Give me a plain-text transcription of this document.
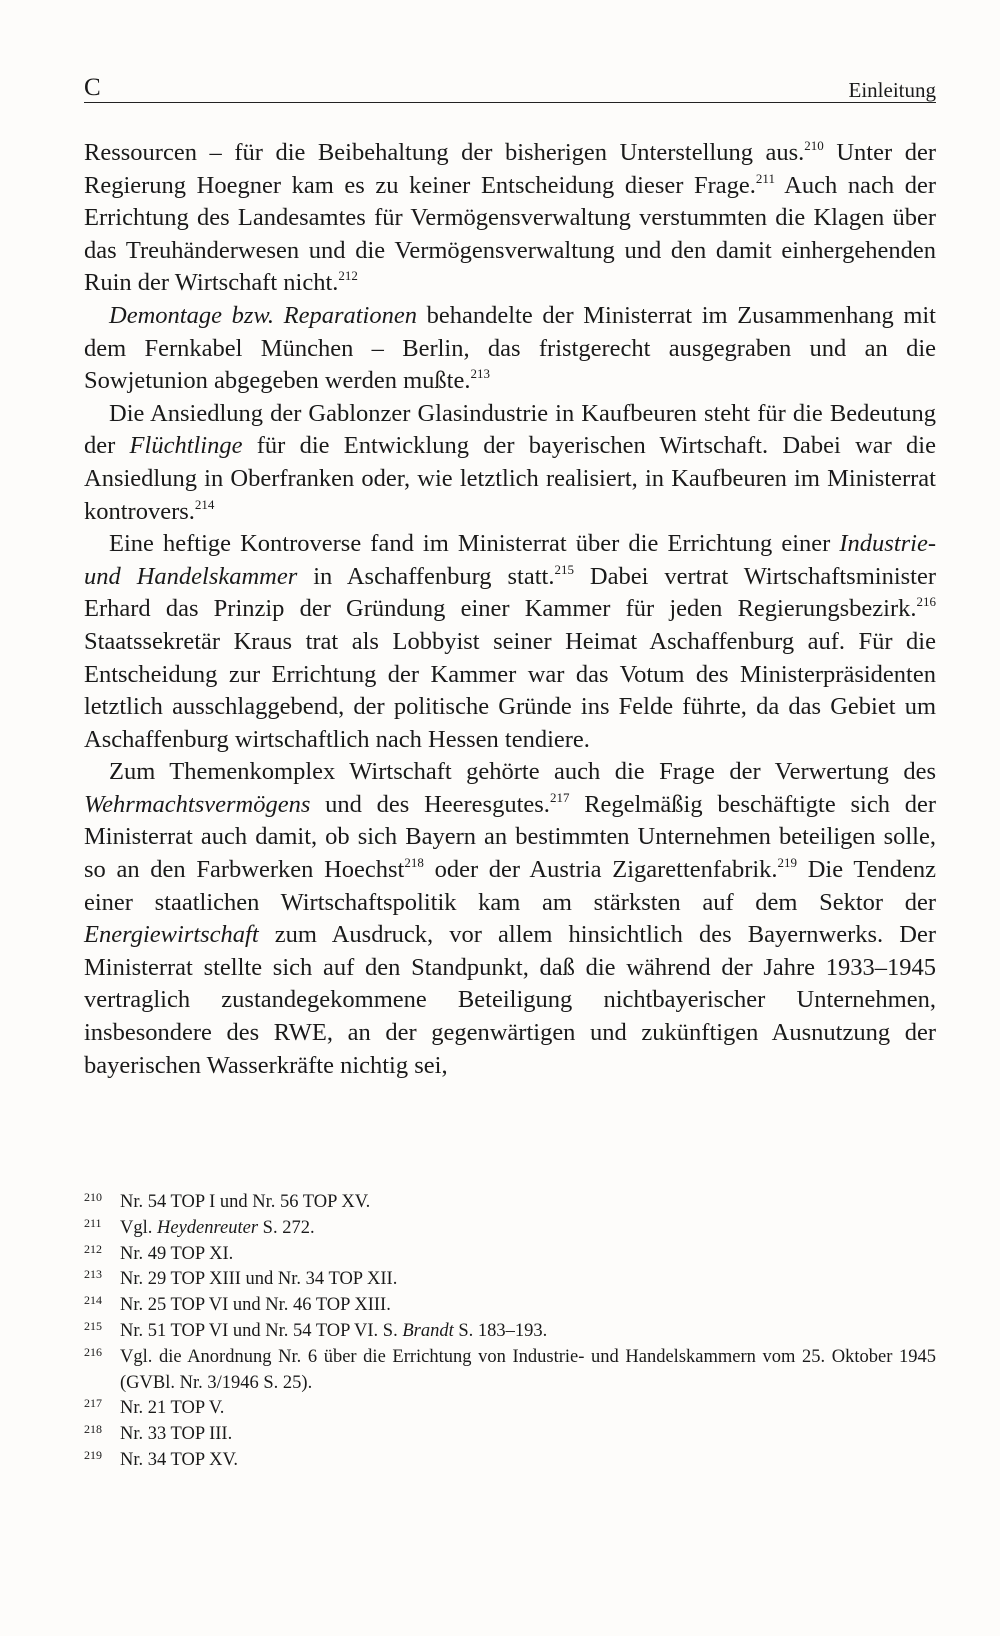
C	Einleitung

Ressourcen – für die Beibehaltung der bisherigen Unterstellung aus.$^{210}$ Unter der Regierung Hoegner kam es zu keiner Entscheidung dieser Frage.$^{211}$ Auch nach der Errichtung des Landesamtes für Vermögensverwaltung verstummten die Klagen über das Treuhänderwesen und die Vermögensverwaltung und den damit einhergehenden Ruin der Wirtschaft nicht.$^{212}$

Demontage bzw. Reparationen behandelte der Ministerrat im Zusammenhang mit dem Fernkabel München – Berlin, das fristgerecht ausgegraben und an die Sowjetunion abgegeben werden mußte.$^{213}$

Die Ansiedlung der Gablonzer Glasindustrie in Kaufbeuren steht für die Bedeutung der Flüchtlinge für die Entwicklung der bayerischen Wirtschaft. Dabei war die Ansiedlung in Oberfranken oder, wie letztlich realisiert, in Kaufbeuren im Ministerrat kontrovers.$^{214}$

Eine heftige Kontroverse fand im Ministerrat über die Errichtung einer Industrie- und Handelskammer in Aschaffenburg statt.$^{215}$ Dabei vertrat Wirtschaftsminister Erhard das Prinzip der Gründung einer Kammer für jeden Regierungsbezirk.$^{216}$ Staatssekretär Kraus trat als Lobbyist seiner Heimat Aschaffenburg auf. Für die Entscheidung zur Errichtung der Kammer war das Votum des Ministerpräsidenten letztlich ausschlaggebend, der politische Gründe ins Felde führte, da das Gebiet um Aschaffenburg wirtschaftlich nach Hessen tendiere.

Zum Themenkomplex Wirtschaft gehörte auch die Frage der Verwertung des Wehrmachtsvermögens und des Heeresgutes.$^{217}$ Regelmäßig beschäftigte sich der Ministerrat auch damit, ob sich Bayern an bestimmten Unternehmen beteiligen solle, so an den Farbwerken Hoechst$^{218}$ oder der Austria Zigarettenfabrik.$^{219}$ Die Tendenz einer staatlichen Wirtschaftspolitik kam am stärksten auf dem Sektor der Energiewirtschaft zum Ausdruck, vor allem hinsichtlich des Bayernwerks. Der Ministerrat stellte sich auf den Standpunkt, daß die während der Jahre 1933–1945 vertraglich zustandegekommene Beteiligung nichtbayerischer Unternehmen, insbesondere des RWE, an der gegenwärtigen und zukünftigen Ausnutzung der bayerischen Wasserkräfte nichtig sei,

210 Nr. 54 TOP I und Nr. 56 TOP XV.
211 Vgl. Heydenreuter S. 272.
212 Nr. 49 TOP XI.
213 Nr. 29 TOP XIII und Nr. 34 TOP XII.
214 Nr. 25 TOP VI und Nr. 46 TOP XIII.
215 Nr. 51 TOP VI und Nr. 54 TOP VI. S. Brandt S. 183–193.
216 Vgl. die Anordnung Nr. 6 über die Errichtung von Industrie- und Handelskammern vom 25. Oktober 1945 (GVBl. Nr. 3/1946 S. 25).
217 Nr. 21 TOP V.
218 Nr. 33 TOP III.
219 Nr. 34 TOP XV.
